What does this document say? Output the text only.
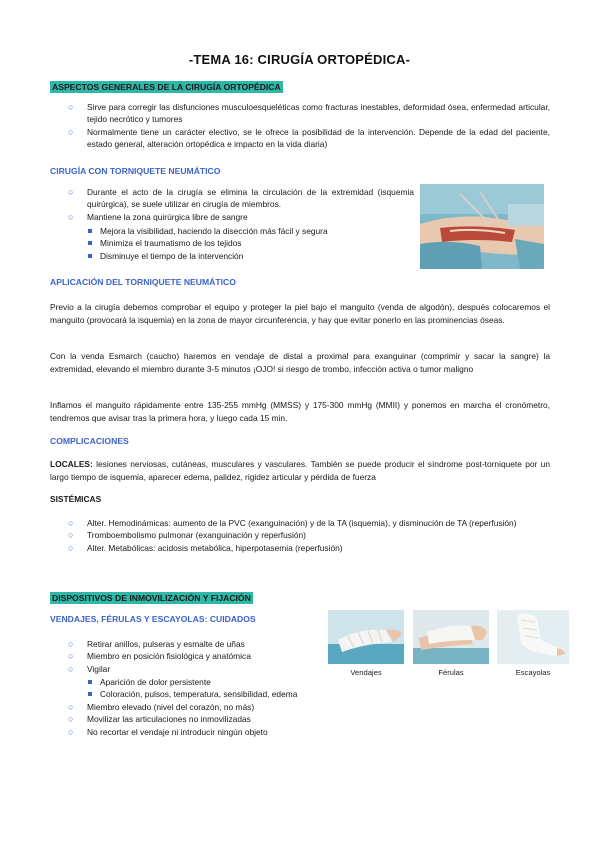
-TEMA 16: CIRUGÍA ORTOPÉDICA-
ASPECTOS GENERALES DE LA CIRUGÍA ORTOPÉDICA
○ Sirve para corregir las disfunciones musculoesqueléticas como fracturas inestables, deformidad ósea, enfermedad articular, tejido necrótico y tumores
○ Normalmente tiene un carácter electivo, se le ofrece la posibilidad de la intervención. Depende de la edad del paciente, estado general, alteración ortopédica e impacto en la vida diaria)
CIRUGÍA CON TORNIQUETE NEUMÁTICO
○ Durante el acto de la cirugía se elimina la circulación de la extremidad (isquemia quirúrgica), se suele utilizar en cirugía de miembros.
○ Mantiene la zona quirúrgica libre de sangre
Mejora la visibilidad, haciendo la disección más fácil y segura
Minimiza el traumatismo de los tejidos
Disminuye el tiempo de la intervención
APLICACIÓN DEL TORNIQUETE NEUMÁTICO

Previo a la cirugía debemos comprobar el equipo y proteger la piel bajo el manguito (venda de algodón), después colocaremos el manguito (provocará la isquemia) en la zona de mayor circunferencia, y hay que evitar ponerlo en las prominencias óseas.

Con la venda Esmarch (caucho) haremos en vendaje de distal a proximal para exanguinar (comprimir y sacar la sangre) la extremidad, elevando el miembro durante 3-5 minutos ¡OJO! si riesgo de trombo, infección activa o tumor maligno

Inflamos el manguito rápidamente entre 135-255 mmHg (MMSS) y 175-300 mmHg (MMII) y ponemos en marcha el cronómetro, tendremos que avisar tras la primera hora, y luego cada 15 min.

COMPLICACIONES

LOCALES: lesiones nerviosas, cutáneas, musculares y vasculares. También se puede producir el síndrome post-torniquete por un largo tiempo de isquemia, aparecer edema, palidez, rigidez articular y pérdida de fuerza

SISTÉMICAS
○ Alter. Hemodinámicas: aumento de la PVC (exanguinación) y de la TA (isquemia), y disminución de TA (reperfusión)
○ Tromboembolismo pulmonar (exanguinación y reperfusión)
○ Alter. Metabólicas: acidosis metabólica, hiperpotasemia (reperfusión)
DISPOSITIVOS DE INMOVILIZACIÓN Y FIJACIÓN
VENDAJES, FÉRULAS Y ESCAYOLAS: CUIDADOS
○ Retirar anillos, pulseras y esmalte de uñas
○ Miembro en posición fisiológica y anatómica
○ Vigilar
Aparición de dolor persistente
Coloración, pulsos, temperatura, sensibilidad, edema
○ Miembro elevado (nivel del corazón, no más)
○ Movilizar las articulaciones no inmovilizadas
○ No recortar el vendaje ni introducir ningún objeto
Vendajes	Férulas	Escayolas
